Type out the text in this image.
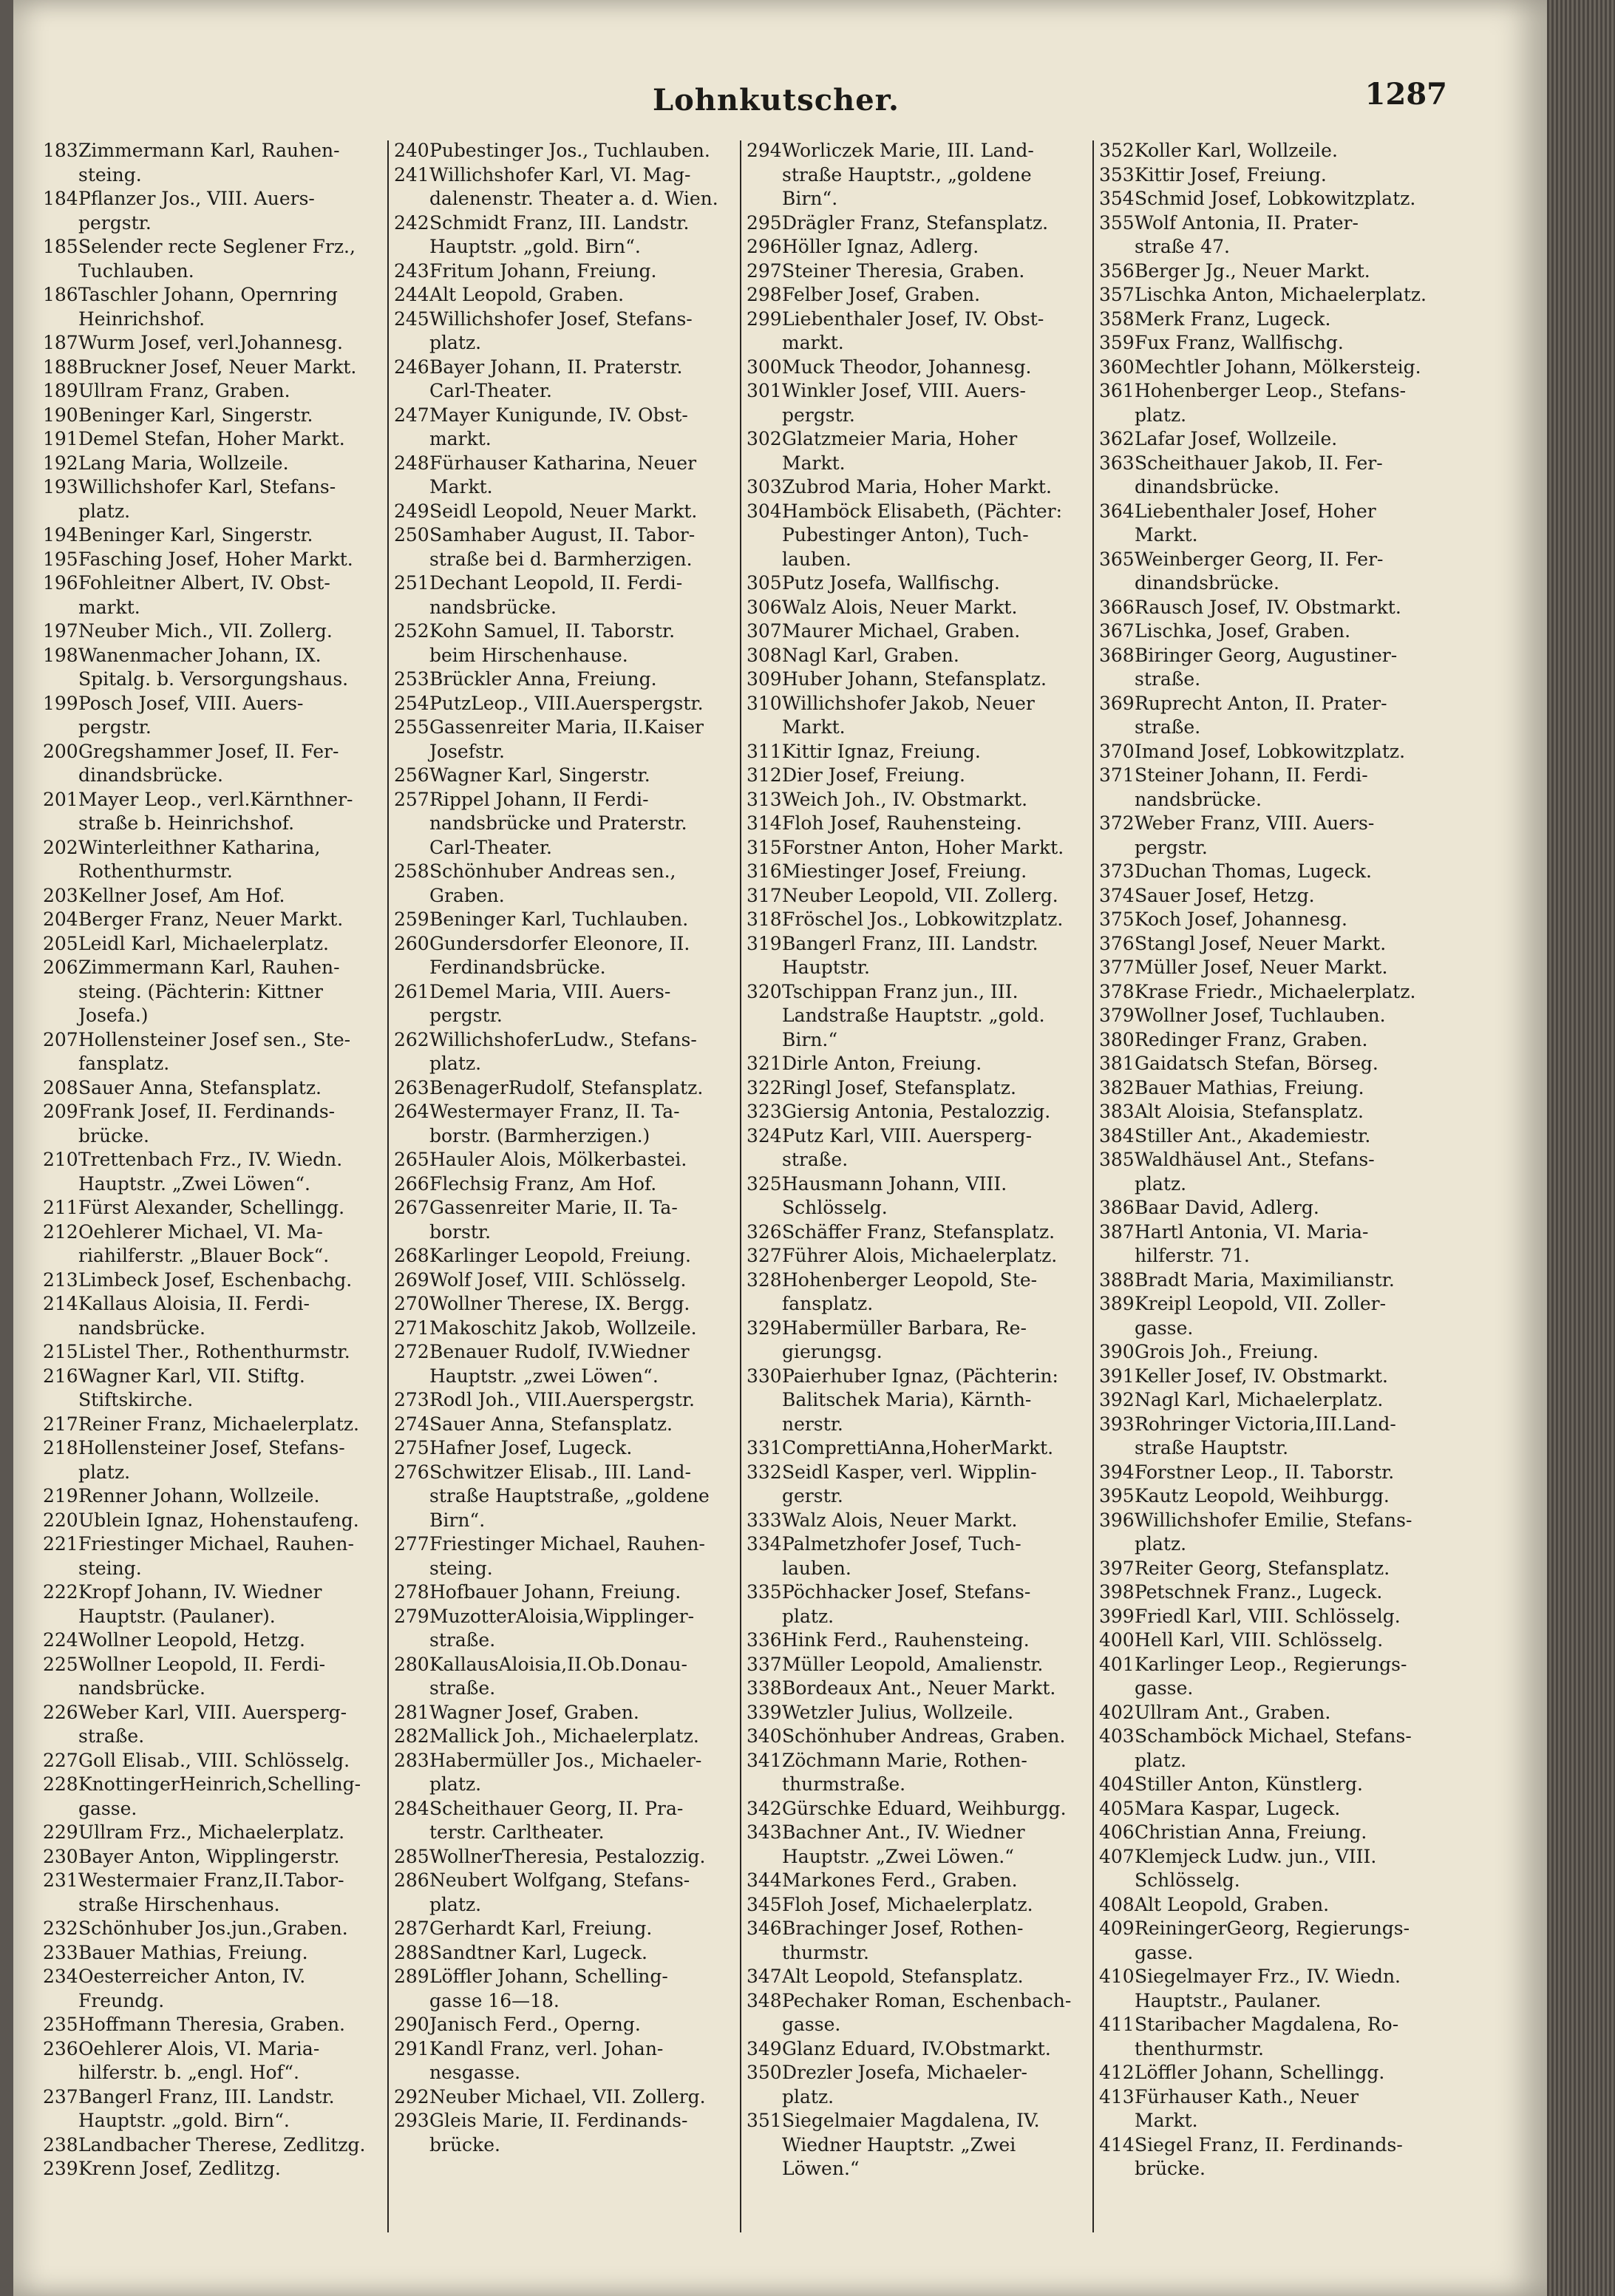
Lohnkutscher.	1287
183 Zimmermann Karl, Rauhen-
steing.
184 Pflanzer Jos., VIII. Auers-
pergstr.
185 Selender recte Seglener Frz.,
Tuchlauben.
186 Taschler Johann, Opernring
Heinrichshof.
187 Wurm Josef, verl.Johannesg.
188 Bruckner Josef, Neuer Markt.
189 Ullram Franz, Graben.
190 Beninger Karl, Singerstr.
191 Demel Stefan, Hoher Markt.
192 Lang Maria, Wollzeile.
193 Willichshofer Karl, Stefans-
platz.
194 Beninger Karl, Singerstr.
195 Fasching Josef, Hoher Markt.
196 Fohleitner Albert, IV. Obst-
markt.
197 Neuber Mich., VII. Zollerg.
198 Wanenmacher Johann, IX.
Spitalg. b. Versorgungshaus.
199 Posch Josef, VIII. Auers-
pergstr.
200 Gregshammer Josef, II. Fer-
dinandsbrücke.
201 Mayer Leop., verl.Kärnthner-
straße b. Heinrichshof.
202 Winterleithner Katharina,
Rothenthurmstr.
203 Kellner Josef, Am Hof.
204 Berger Franz, Neuer Markt.
205 Leidl Karl, Michaelerplatz.
206 Zimmermann Karl, Rauhen-
steing. (Pächterin: Kittner
Josefa.)
207 Hollensteiner Josef sen., Ste-
fansplatz.
208 Sauer Anna, Stefansplatz.
209 Frank Josef, II. Ferdinands-
brücke.
210 Trettenbach Frz., IV. Wiedn.
Hauptstr. „Zwei Löwen“.
211 Fürst Alexander, Schellingg.
212 Oehlerer Michael, VI. Ma-
riahilferstr. „Blauer Bock“.
213 Limbeck Josef, Eschenbachg.
214 Kallaus Aloisia, II. Ferdi-
nandsbrücke.
215 Listel Ther., Rothenthurmstr.
216 Wagner Karl, VII. Stiftg.
Stiftskirche.
217 Reiner Franz, Michaelerplatz.
218 Hollensteiner Josef, Stefans-
platz.
219 Renner Johann, Wollzeile.
220 Ublein Ignaz, Hohenstaufeng.
221 Friestinger Michael, Rauhen-
steing.
222 Kropf Johann, IV. Wiedner
Hauptstr. (Paulaner).
224 Wollner Leopold, Hetzg.
225 Wollner Leopold, II. Ferdi-
nandsbrücke.
226 Weber Karl, VIII. Auersperg-
straße.
227 Goll Elisab., VIII. Schlösselg.
228 KnottingerHeinrich,Schelling-
gasse.
229 Ullram Frz., Michaelerplatz.
230 Bayer Anton, Wipplingerstr.
231 Westermaier Franz,II.Tabor-
straße Hirschenhaus.
232 Schönhuber Jos.jun.,Graben.
233 Bauer Mathias, Freiung.
234 Oesterreicher Anton, IV.
Freundg.
235 Hoffmann Theresia, Graben.
236 Oehlerer Alois, VI. Maria-
hilferstr. b. „engl. Hof“.
237 Bangerl Franz, III. Landstr.
Hauptstr. „gold. Birn“.
238 Landbacher Therese, Zedlitzg.
239 Krenn Josef, Zedlitzg.
240 Pubestinger Jos., Tuchlauben.
241 Willichshofer Karl, VI. Mag-
dalenenstr. Theater a. d. Wien.
242 Schmidt Franz, III. Landstr.
Hauptstr. „gold. Birn“.
243 Fritum Johann, Freiung.
244 Alt Leopold, Graben.
245 Willichshofer Josef, Stefans-
platz.
246 Bayer Johann, II. Praterstr.
Carl-Theater.
247 Mayer Kunigunde, IV. Obst-
markt.
248 Fürhauser Katharina, Neuer
Markt.
249 Seidl Leopold, Neuer Markt.
250 Samhaber August, II. Tabor-
straße bei d. Barmherzigen.
251 Dechant Leopold, II. Ferdi-
nandsbrücke.
252 Kohn Samuel, II. Taborstr.
beim Hirschenhause.
253 Brückler Anna, Freiung.
254 PutzLeop., VIII.Auerspergstr.
255 Gassenreiter Maria, II.Kaiser
Josefstr.
256 Wagner Karl, Singerstr.
257 Rippel Johann, II Ferdi-
nandsbrücke und Praterstr.
Carl-Theater.
258 Schönhuber Andreas sen.,
Graben.
259 Beninger Karl, Tuchlauben.
260 Gundersdorfer Eleonore, II.
Ferdinandsbrücke.
261 Demel Maria, VIII. Auers-
pergstr.
262 WillichshoferLudw., Stefans-
platz.
263 BenagerRudolf, Stefansplatz.
264 Westermayer Franz, II. Ta-
borstr. (Barmherzigen.)
265 Hauler Alois, Mölkerbastei.
266 Flechsig Franz, Am Hof.
267 Gassenreiter Marie, II. Ta-
borstr.
268 Karlinger Leopold, Freiung.
269 Wolf Josef, VIII. Schlösselg.
270 Wollner Therese, IX. Bergg.
271 Makoschitz Jakob, Wollzeile.
272 Benauer Rudolf, IV.Wiedner
Hauptstr. „zwei Löwen“.
273 Rodl Joh., VIII.Auerspergstr.
274 Sauer Anna, Stefansplatz.
275 Hafner Josef, Lugeck.
276 Schwitzer Elisab., III. Land-
straße Hauptstraße, „goldene
Birn“.
277 Friestinger Michael, Rauhen-
steing.
278 Hofbauer Johann, Freiung.
279 MuzotterAloisia,Wipplinger-
straße.
280 KallausAloisia,II.Ob.Donau-
straße.
281 Wagner Josef, Graben.
282 Mallick Joh., Michaelerplatz.
283 Habermüller Jos., Michaeler-
platz.
284 Scheithauer Georg, II. Pra-
terstr. Carltheater.
285 WollnerTheresia, Pestalozzig.
286 Neubert Wolfgang, Stefans-
platz.
287 Gerhardt Karl, Freiung.
288 Sandtner Karl, Lugeck.
289 Löffler Johann, Schelling-
gasse 16—18.
290 Janisch Ferd., Operng.
291 Kandl Franz, verl. Johan-
nesgasse.
292 Neuber Michael, VII. Zollerg.
293 Gleis Marie, II. Ferdinands-
brücke.
294 Worliczek Marie, III. Land-
straße Hauptstr., „goldene
Birn“.
295 Drägler Franz, Stefansplatz.
296 Höller Ignaz, Adlerg.
297 Steiner Theresia, Graben.
298 Felber Josef, Graben.
299 Liebenthaler Josef, IV. Obst-
markt.
300 Muck Theodor, Johannesg.
301 Winkler Josef, VIII. Auers-
pergstr.
302 Glatzmeier Maria, Hoher
Markt.
303 Zubrod Maria, Hoher Markt.
304 Hamböck Elisabeth, (Pächter:
Pubestinger Anton), Tuch-
lauben.
305 Putz Josefa, Wallfischg.
306 Walz Alois, Neuer Markt.
307 Maurer Michael, Graben.
308 Nagl Karl, Graben.
309 Huber Johann, Stefansplatz.
310 Willichshofer Jakob, Neuer
Markt.
311 Kittir Ignaz, Freiung.
312 Dier Josef, Freiung.
313 Weich Joh., IV. Obstmarkt.
314 Floh Josef, Rauhensteing.
315 Forstner Anton, Hoher Markt.
316 Miestinger Josef, Freiung.
317 Neuber Leopold, VII. Zollerg.
318 Fröschel Jos., Lobkowitzplatz.
319 Bangerl Franz, III. Landstr.
Hauptstr.
320 Tschippan Franz jun., III.
Landstraße Hauptstr. „gold.
Birn.“
321 Dirle Anton, Freiung.
322 Ringl Josef, Stefansplatz.
323 Giersig Antonia, Pestalozzig.
324 Putz Karl, VIII. Auersperg-
straße.
325 Hausmann Johann, VIII.
Schlösselg.
326 Schäffer Franz, Stefansplatz.
327 Führer Alois, Michaelerplatz.
328 Hohenberger Leopold, Ste-
fansplatz.
329 Habermüller Barbara, Re-
gierungsg.
330 Paierhuber Ignaz, (Pächterin:
Balitschek Maria), Kärnth-
nerstr.
331 ComprettiAnna,HoherMarkt.
332 Seidl Kasper, verl. Wipplin-
gerstr.
333 Walz Alois, Neuer Markt.
334 Palmetzhofer Josef, Tuch-
lauben.
335 Pöchhacker Josef, Stefans-
platz.
336 Hink Ferd., Rauhensteing.
337 Müller Leopold, Amalienstr.
338 Bordeaux Ant., Neuer Markt.
339 Wetzler Julius, Wollzeile.
340 Schönhuber Andreas, Graben.
341 Zöchmann Marie, Rothen-
thurmstraße.
342 Gürschke Eduard, Weihburgg.
343 Bachner Ant., IV. Wiedner
Hauptstr. „Zwei Löwen.“
344 Markones Ferd., Graben.
345 Floh Josef, Michaelerplatz.
346 Brachinger Josef, Rothen-
thurmstr.
347 Alt Leopold, Stefansplatz.
348 Pechaker Roman, Eschenbach-
gasse.
349 Glanz Eduard, IV.Obstmarkt.
350 Drezler Josefa, Michaeler-
platz.
351 Siegelmaier Magdalena, IV.
Wiedner Hauptstr. „Zwei
Löwen.“
352 Koller Karl, Wollzeile.
353 Kittir Josef, Freiung.
354 Schmid Josef, Lobkowitzplatz.
355 Wolf Antonia, II. Prater-
straße 47.
356 Berger Jg., Neuer Markt.
357 Lischka Anton, Michaelerplatz.
358 Merk Franz, Lugeck.
359 Fux Franz, Wallfischg.
360 Mechtler Johann, Mölkersteig.
361 Hohenberger Leop., Stefans-
platz.
362 Lafar Josef, Wollzeile.
363 Scheithauer Jakob, II. Fer-
dinandsbrücke.
364 Liebenthaler Josef, Hoher
Markt.
365 Weinberger Georg, II. Fer-
dinandsbrücke.
366 Rausch Josef, IV. Obstmarkt.
367 Lischka, Josef, Graben.
368 Biringer Georg, Augustiner-
straße.
369 Ruprecht Anton, II. Prater-
straße.
370 Imand Josef, Lobkowitzplatz.
371 Steiner Johann, II. Ferdi-
nandsbrücke.
372 Weber Franz, VIII. Auers-
pergstr.
373 Duchan Thomas, Lugeck.
374 Sauer Josef, Hetzg.
375 Koch Josef, Johannesg.
376 Stangl Josef, Neuer Markt.
377 Müller Josef, Neuer Markt.
378 Krase Friedr., Michaelerplatz.
379 Wollner Josef, Tuchlauben.
380 Redinger Franz, Graben.
381 Gaidatsch Stefan, Börseg.
382 Bauer Mathias, Freiung.
383 Alt Aloisia, Stefansplatz.
384 Stiller Ant., Akademiestr.
385 Waldhäusel Ant., Stefans-
platz.
386 Baar David, Adlerg.
387 Hartl Antonia, VI. Maria-
hilferstr. 71.
388 Bradt Maria, Maximilianstr.
389 Kreipl Leopold, VII. Zoller-
gasse.
390 Grois Joh., Freiung.
391 Keller Josef, IV. Obstmarkt.
392 Nagl Karl, Michaelerplatz.
393 Rohringer Victoria,III.Land-
straße Hauptstr.
394 Forstner Leop., II. Taborstr.
395 Kautz Leopold, Weihburgg.
396 Willichshofer Emilie, Stefans-
platz.
397 Reiter Georg, Stefansplatz.
398 Petschnek Franz., Lugeck.
399 Friedl Karl, VIII. Schlösselg.
400 Hell Karl, VIII. Schlösselg.
401 Karlinger Leop., Regierungs-
gasse.
402 Ullram Ant., Graben.
403 Schamböck Michael, Stefans-
platz.
404 Stiller Anton, Künstlerg.
405 Mara Kaspar, Lugeck.
406 Christian Anna, Freiung.
407 Klemjeck Ludw. jun., VIII.
Schlösselg.
408 Alt Leopold, Graben.
409 ReiningerGeorg, Regierungs-
gasse.
410 Siegelmayer Frz., IV. Wiedn.
Hauptstr., Paulaner.
411 Staribacher Magdalena, Ro-
thenthurmstr.
412 Löffler Johann, Schellingg.
413 Fürhauser Kath., Neuer
Markt.
414 Siegel Franz, II. Ferdinands-
brücke.
